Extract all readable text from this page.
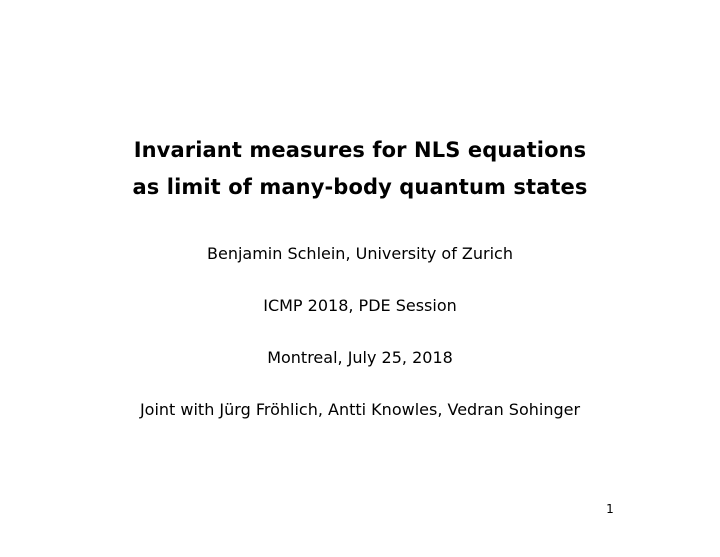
Invariant measures for NLS equations
as limit of many-body quantum states
Benjamin Schlein, University of Zurich
ICMP 2018, PDE Session
Montreal, July 25, 2018
Joint with Jürg Fröhlich, Antti Knowles, Vedran Sohinger
1
